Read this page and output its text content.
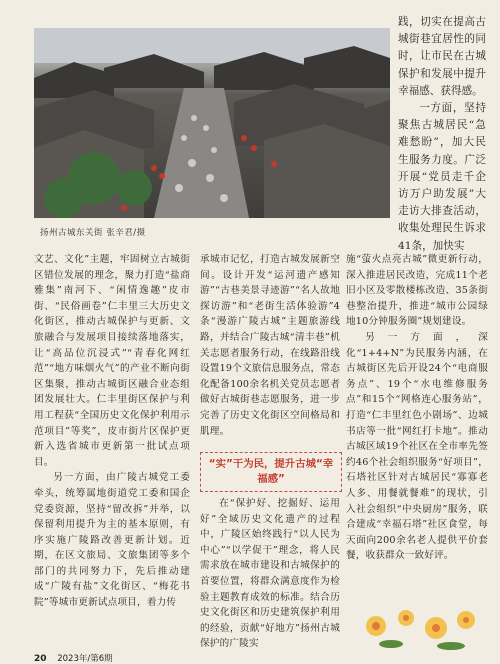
扬州古城东关街 张辛君/摄

践，切实在提高古城街巷宜居性的同时，让市民在古城保护和发展中提升幸福感、获得感。

一方面，坚持聚焦古城居民“急难愁盼”，加大民生服务力度。广泛开展“党员走千企访万户助发展”大走访大排查活动，收集处理民生诉求41条，加快实

文艺、文化”主题，牢固树立古城街区错位发展的理念，聚力打造“盐商雅集”南河下、“闲情逸趣”皮市街、“民俗画卷”仁丰里三大历史文化街区，推动古城保护与更新、文旅融合与发展项目接续落地落实，让“高品位沉浸式”“青春化网红范”“地方味烟火气”的产业不断向街区集聚，推动古城街区融合业态组团发展壮大。仁丰里街区保护与利用工程获“全国历史文化保护利用示范项目”等奖”，皮市街片区保护更新入选省城市更新第一批试点项目。

另一方面，由广陵古城党工委牵头，统筹属地街道党工委和国企党委资源，坚持“留改拆”并举，以保留利用提升为主的基本原则，有序实施广陵路改善更新计划。近期，在区文旅局、文旅集团等多个部门的共同努力下，先后推动建成“广陵有盐”文化街区、“梅花书院”等城市更新试点项目，着力传

承城市记忆，打造古城发展新空间。设计开发“运河遗产感知游”“古巷美景寻迹游”“名人故地探访游”和“老街生活体验游”4条“漫游广陵古城”主题旅游线路，并结合广陵古城“清丰巷”机关志愿者服务行动，在线路沿线设置19个文旅信息服务点，常态化配备100余名机关党员志愿者做好古城街巷志愿服务，进一步完善了历史文化街区空间格局和肌理。

“实”干为民，提升古城“幸福感”

在“保护好、挖掘好、运用好”全域历史文化遗产的过程中，广陵区始终践行“以人民为中心”“以学促干”理念，将人民需求放在城市建设和古城保护的首要位置，将群众满意度作为检验主题教育成效的标准。结合历史文化街区和历史建筑保护利用的经验，贡献“好地方”扬州古城保护的广陵实

施“萤火点亮古城”微更新行动，深入推进居民改造，完成11个老旧小区及零散楼栋改造、35条街巷整治提升，推进“城市公园绿地10分钟服务圈”规划建设。

另一方面，深化“1+4+N”为民服务内涵，在古城街区先后开设24个“电商服务点”、19个“水电维修服务点”和15个“网格连心服务站”，打造“仁丰里红色小剧场”、边城书店等一批“网红打卡地”。推动古城区域19个社区在全市率先签约46个社会组织服务“好项目”，石塔社区针对古城居民“寡寡老人多、用餐就餐难”的现状，引入社会组织“中央厨房”服务，联合建成“幸福石塔”社区食堂，每天面向200余名老人提供平价套餐，收获群众一致好评。

20 2023年/第6期
